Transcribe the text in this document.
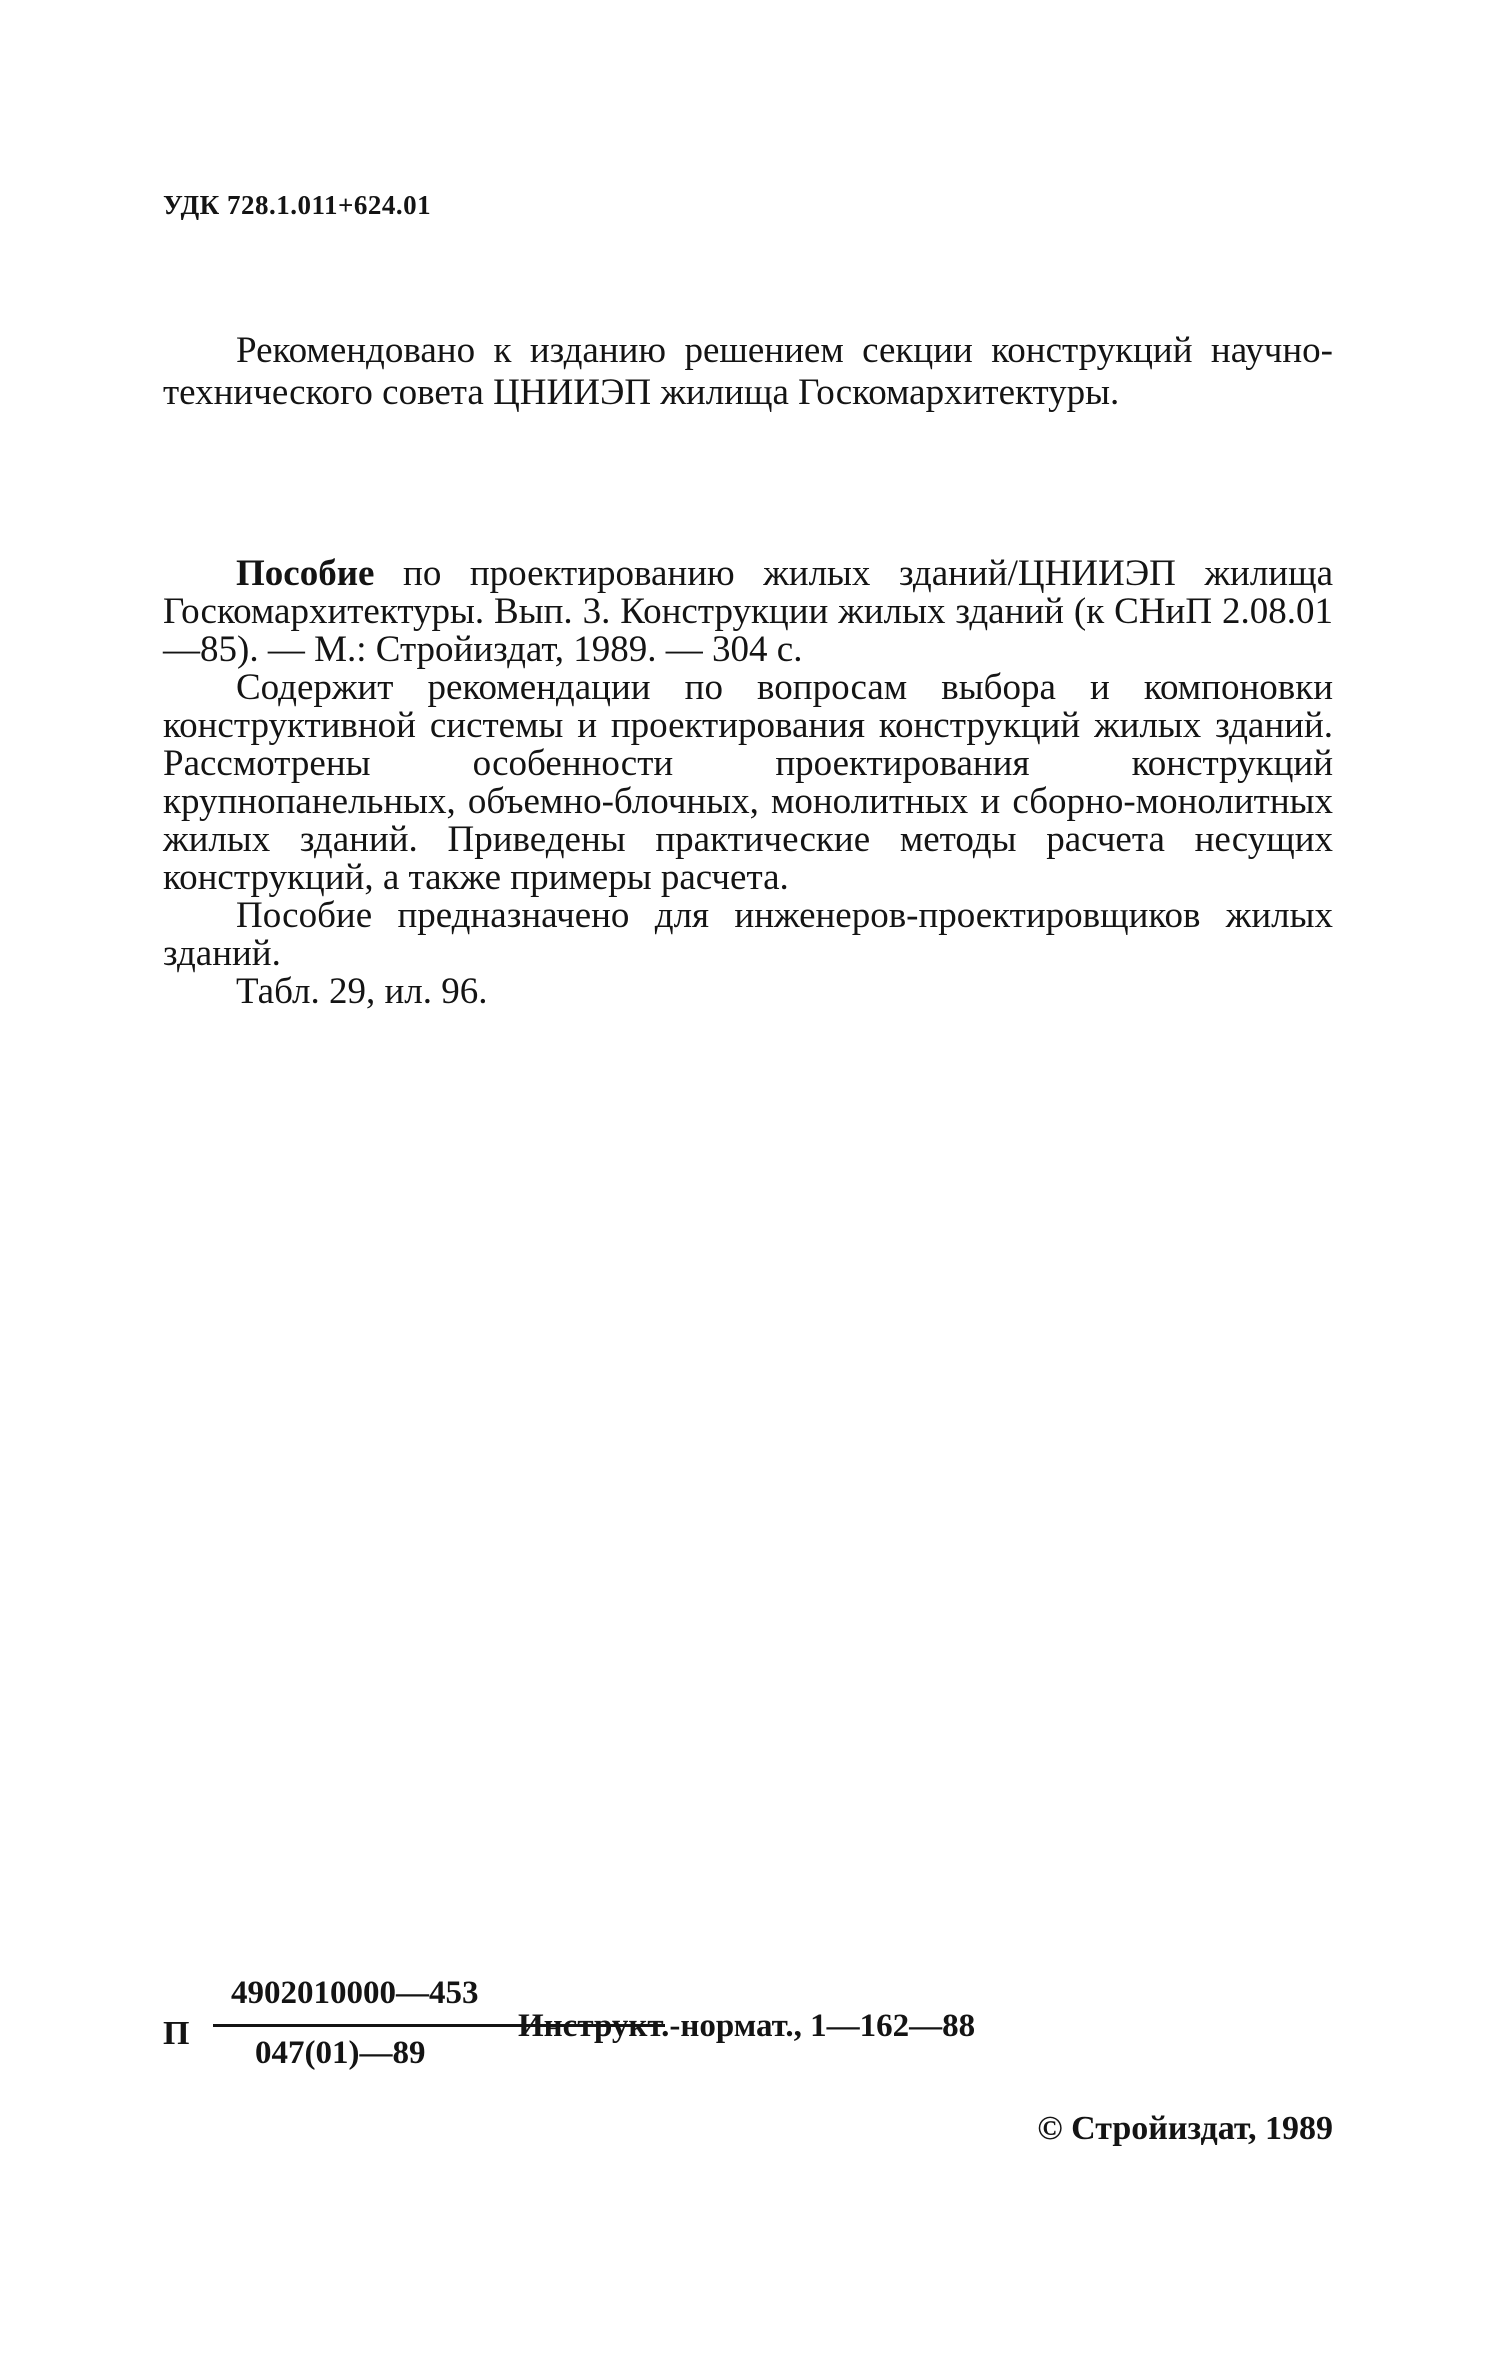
УДК 728.1.011+624.01
Рекомендовано к изданию решением секции конструкций научно-
технического совета ЦНИИЭП жилища Госкомархитектуры.

Пособие по проектированию жилых зданий/ЦНИИЭП жилища Госкомархитектуры. Вып. 3. Конструкции жилых зданий (к СНиП 2.08.01—85). — М.: Стройиздат, 1989. — 304 с.

Содержит рекомендации по вопросам выбора и компоновки конструктивной системы и проектирования конструкций жилых зданий. Рассмотрены особенности проектирования конструкций крупнопанельных, объемно-блочных, монолитных и сборно-монолитных жилых зданий. Приведены практические методы расчета несущих конструкций, а также примеры расчета.

Пособие предназначено для инженеров-проектировщиков жилых зданий.

Табл. 29, ил. 96.

П
4902010000—453
047(01)—89
Инструкт.-нормат., 1—162—88
© Стройиздат, 1989
